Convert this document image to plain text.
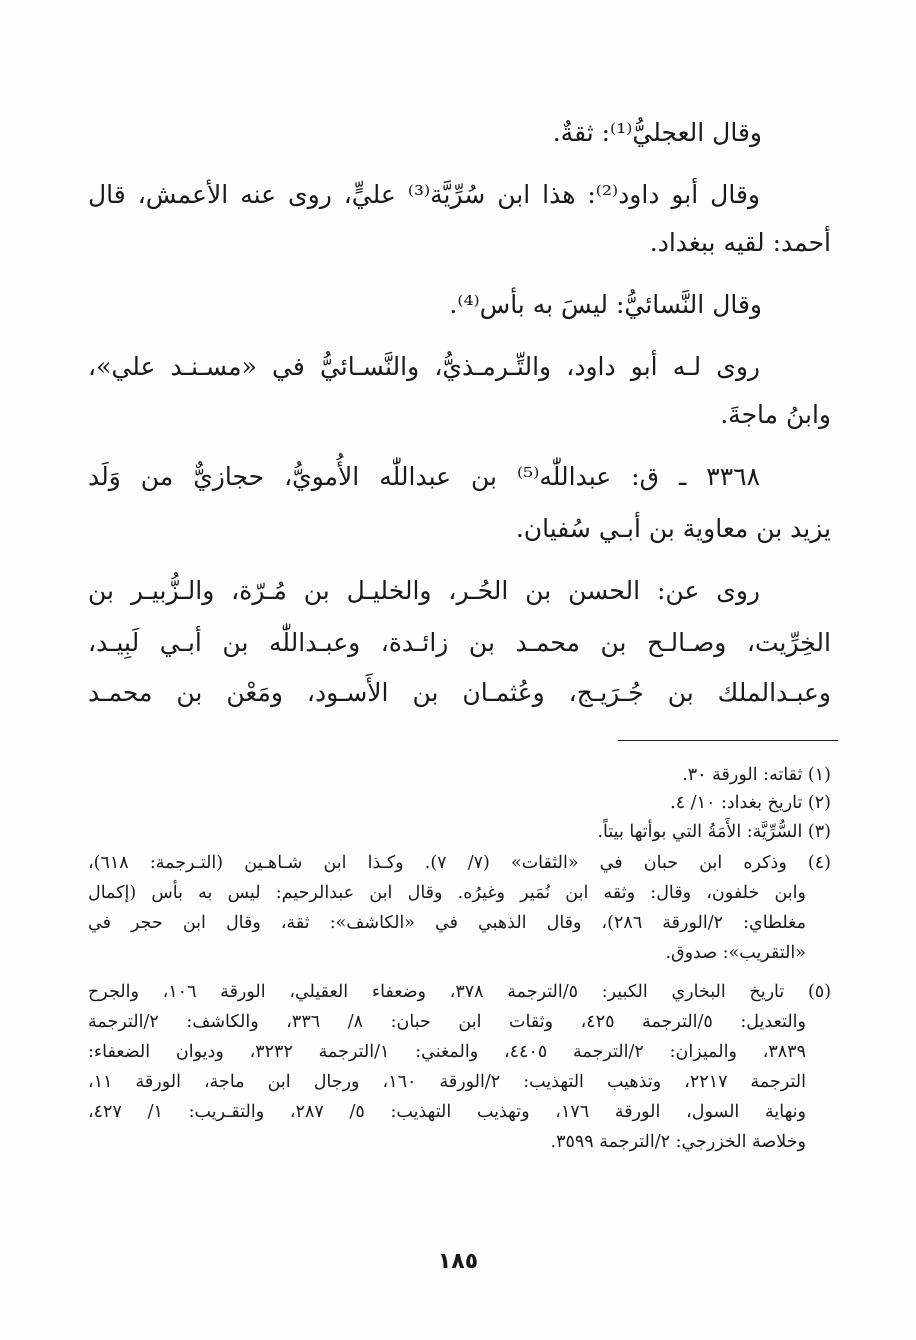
وقال العجليُّ⁽¹⁾: ثقةٌ.
وقال أبو داود⁽²⁾: هذا ابن سُرِّيَّة⁽³⁾ عليٍّ، روى عنه الأعمش، قال
أحمد: لقيه ببغداد.
وقال النَّسائيُّ: ليسَ به بأس⁽⁴⁾.
روى لـه أبو داود، والتِّـرمـذيُّ، والنَّسـائيُّ في «مسـنـد علي»،
وابنُ ماجةَ.
٣٣٦٨ ـ ق: عبداللّٰه⁽⁵⁾ بن عبداللّٰه الأُمويُّ، حجازيٌّ من وَلَد
يزيد بن معاوية بن أبـي سُفيان.
روى عن: الحسن بن الحُـر، والخليـل بن مُـرّة، والـزُّبيـر بن
الخِرِّيت، وصـالـح بن محمـد بن زائـدة، وعبـداللّٰه بن أبـي لَبِيـد،
وعبـدالملك بن جُـرَيـج، وعُثمـان بن الأَسـود، ومَعْن بن محمـد
(١) ثقاته: الورقة ٣٠.
(٢) تاريخ بغداد: ١٠/ ٤.
(٣) السُّرِّيَّة: الأَمَةُ التي بوأتها بيتاً.
(٤) وذكره ابن حبان في «الثقات» (٧/ ٧). وكـذا ابن شـاهـين (التـرجمة: ٦١٨)،
وابن خلفون، وقال: وثقه ابن نُمَير وغيرُه. وقال ابن عبدالرحيم: ليس به بأس (إكمال
مغلطاي: ٢/الورقة ٢٨٦)، وقال الذهبي في «الكاشف»: ثقة، وقال ابن حجر في
«التقريب»: صدوق.
(٥) تاريخ البخاري الكبير: ٥/الترجمة ٣٧٨، وضعفاء العقيلي، الورقة ١٠٦، والجرح
والتعديل: ٥/الترجمة ٤٢٥، وثقات ابن حبان: ٨/ ٣٣٦، والكاشف: ٢/الترجمة
٣٨٣٩، والميزان: ٢/الترجمة ٤٤٠٥، والمغني: ١/الترجمة ٣٢٣٢، وديوان الضعفاء:
الترجمة ٢٢١٧، وتذهيب التهذيب: ٢/الورقة ١٦٠، ورجال ابن ماجة، الورقة ١١،
ونهاية السول، الورقة ١٧٦، وتهذيب التهذيب: ٥/ ٢٨٧، والتقـريب: ١/ ٤٢٧،
وخلاصة الخزرجي: ٢/الترجمة ٣٥٩٩.
١٨٥
